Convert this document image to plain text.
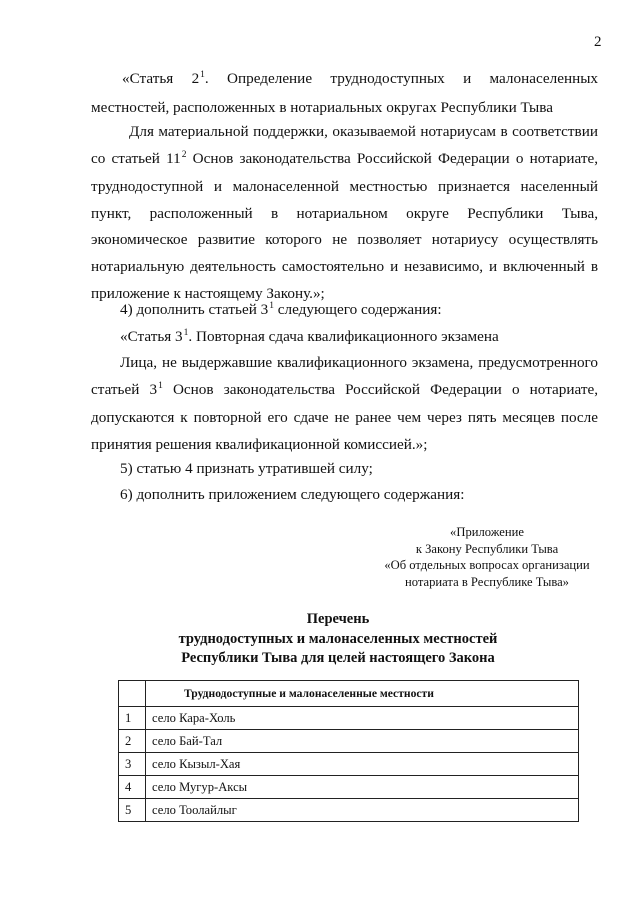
2

«Статья $2^1$. Определение труднодоступных и малонаселенных местностей, расположенных в нотариальных округах Республики Тыва

Для материальной поддержки, оказываемой нотариусам в соответствии со статьей $11^2$ Основ законодательства Российской Федерации о нотариате, труднодоступной и малонаселенной местностью признается населенный пункт, расположенный в нотариальном округе Республики Тыва, экономическое развитие которого не позволяет нотариусу осуществлять нотариальную деятельность самостоятельно и независимо, и включенный в приложение к настоящему Закону.»;

4) дополнить статьей $3^1$ следующего содержания:

«Статья $3^1$. Повторная сдача квалификационного экзамена

Лица, не выдержавшие квалификационного экзамена, предусмотренного статьей $3^1$ Основ законодательства Российской Федерации о нотариате, допускаются к повторной его сдаче не ранее чем через пять месяцев после принятия решения квалификационной комиссией.»;

5) статью 4 признать утратившей силу;

6) дополнить приложением следующего содержания:

«Приложение
к Закону Республики Тыва
«Об отдельных вопросах организации
нотариата в Республике Тыва»
Перечень
труднодоступных и малонаселенных местностей
Республики Тыва для целей настоящего Закона
	Труднодоступные и малонаселенные местности
1	село Кара-Холь
2	село Бай-Тал
3	село Кызыл-Хая
4	село Мугур-Аксы
5	село Тоолайлыг
